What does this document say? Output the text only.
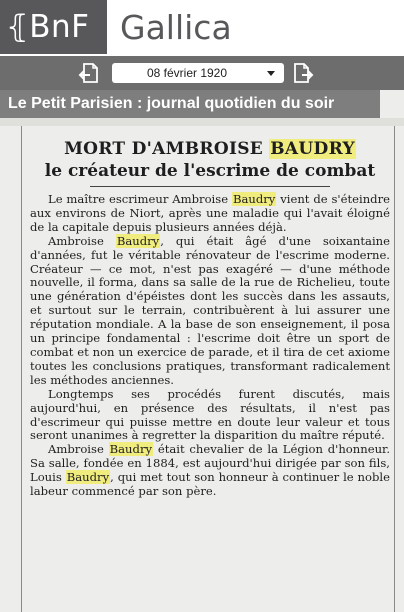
⦃BnF Gallica
08 février 1920
MORT D'AMBROISE BAUDRY
le créateur de l'escrime de combat

Le maître escrimeur Ambroise Baudry vient de s'éteindre aux environs de Niort, après une maladie qui l'avait éloigné de la capitale depuis plusieurs années déjà.

Ambroise Baudry, qui était âgé d'une soixantaine d'années, fut le véritable rénovateur de l'escrime moderne. Créateur — ce mot, n'est pas exagéré — d'une méthode nouvelle, il forma, dans sa salle de la rue de Richelieu, toute une génération d'épéistes dont les succès dans les assauts, et surtout sur le terrain, contribuèrent à lui assurer une réputation mondiale. A la base de son enseignement, il posa un principe fondamental : l'escrime doit être un sport de combat et non un exercice de parade, et il tira de cet axiome toutes les conclusions pratiques, transformant radicalement les méthodes anciennes.

Longtemps ses procédés furent discutés, mais aujourd'hui, en présence des résultats, il n'est pas d'escrimeur qui puisse mettre en doute leur valeur et tous seront unanimes à regretter la disparition du maître réputé.

Ambroise Baudry était chevalier de la Légion d'honneur. Sa salle, fondée en 1884, est aujourd'hui dirigée par son fils, Louis Baudry, qui met tout son honneur à continuer le noble labeur commencé par son père.

Le Petit Parisien : journal quotidien du soir
